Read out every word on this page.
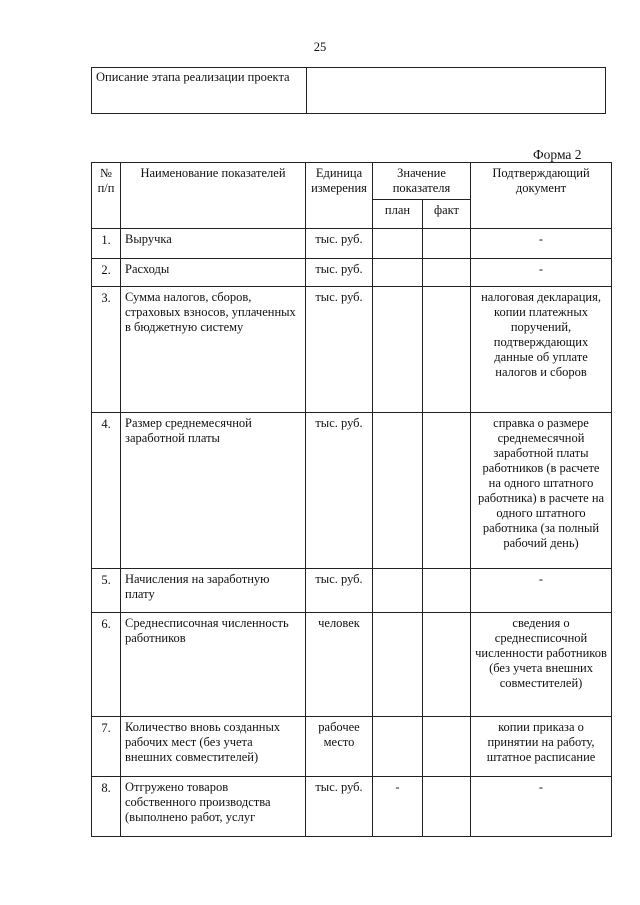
25
Описание этапа реализации проекта	
Форма 2
№ п/п	Наименование показателей	Единица измерения	Значение показателя		Подтверждающий документ
			план	факт	
1.	Выручка	тыс. руб.			-
2.	Расходы	тыс. руб.			-
3.	Сумма налогов, сборов, страховых взносов, уплаченных в бюджетную систему	тыс. руб.			налоговая декларация, копии платежных поручений, подтверждающих данные об уплате налогов и сборов
4.	Размер среднемесячной заработной платы	тыс. руб.			справка о размере среднемесячной заработной платы работников (в расчете на одного штатного работника) в расчете на одного штатного работника (за полный рабочий день)
5.	Начисления на заработную плату	тыс. руб.			-
6.	Среднесписочная численность работников	человек			сведения о среднесписочной численности работников (без учета внешних совместителей)
7.	Количество вновь созданных рабочих мест (без учета внешних совместителей)	рабочее место			копии приказа о принятии на работу, штатное расписание
8.	Отгружено товаров собственного производства (выполнено работ, услуг	тыс. руб.	-		-
